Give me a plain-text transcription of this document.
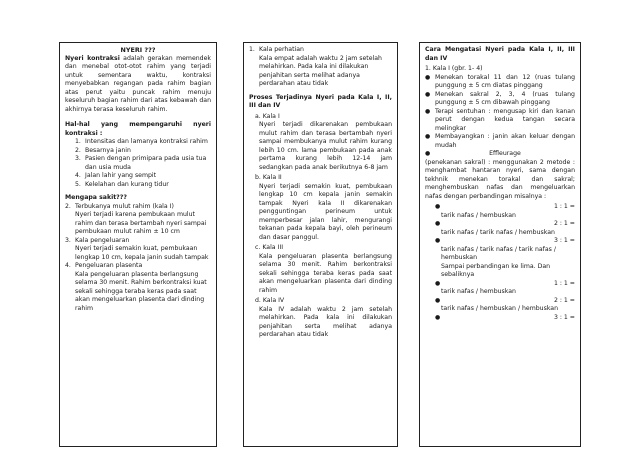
NYERI ???

Nyeri kontraksi adalah gerakan memendek dan menebal otot-otot rahim yang terjadi untuk sementara waktu, kontraksi menyebabkan regangan pada rahim bagian atas perut yaitu puncak rahim menuju keseluruh bagian rahim dari atas kebawah dan akhirnya terasa keseluruh rahim.

Hal-hal yang mempengaruhi nyeri
kontraksi :
1. Intensitas dan lamanya kontraksi rahim
2. Besarnya janin
3. Pasien dengan primipara pada usia tua dan usia muda
4. Jalan lahir yang sempit
5. Kelelahan dan kurang tidur
Mengapa sakit???
2. Terbukanya mulut rahim (kala I)
Nyeri terjadi karena pembukaan mulut rahim dan terasa bertambah nyeri sampai pembukaan mulut rahim ± 10 cm
3. Kala pengeluaran
Nyeri terjadi semakin kuat, pembukaan lengkap 10 cm, kepala janin sudah tampak
4. Pengeluaran plasenta
Kala pengeluaran plasenta berlangsung selama 30 menit. Rahim berkontraksi kuat sekali sehingga teraba keras pada saat akan mengeluarkan plasenta dari dinding rahim
1. Kala perhatian
Kala empat adalah waktu 2 jam setelah melahirkan. Pada kala ini dilakukan penjahitan serta melihat adanya perdarahan atau tidak

Proses Terjadinya Nyeri pada Kala I, II, III dan IV

a. Kala I

Nyeri terjadi dikarenakan pembukaan mulut rahim dan terasa bertambah nyeri sampai membukanya mulut rahim kurang lebih 10 cm. lama pembukaan pada anak pertama kurang lebih 12-14 jam sedangkan pada anak berikutnya 6-8 jam

b. Kala II

Nyeri terjadi semakin kuat, pembukaan lengkap 10 cm kepala janin semakin tampak Nyeri kala II dikarenakan pengguntingan perineum untuk memperbesar jalan lahir, mengurangi tekanan pada kepala bayi, oleh perineum dan dasar panggul.

c. Kala III

Kala pengeluaran plasenta berlangsung selama 30 menit. Rahim berkontraksi sekali sehingga teraba keras pada saat akan mengeluarkan plasenta dari dinding rahim

d. Kala IV

Kala IV adalah waktu 2 jam setelah melahirkan. Pada kala ini dilakukan penjahitan serta melihat adanya perdarahan atau tidak

Cara Mengatasi Nyeri pada Kala I, II, III dan IV

1. Kala I (gbr. 1- 4)
● Menekan torakal 11 dan 12 (ruas tulang punggung ± 5 cm diatas pinggang
● Menekan sakral 2, 3, 4 (ruas tulang punggung ± 5 cm dibawah pinggang
● Terapi sentuhan : mengusap kiri dan kanan perut dengan kedua tangan secara melingkar
● Membayangkan : janin akan keluar dengan mudah
●	Effleurage

(penekanan sakral) : menggunakan 2 metode : menghambat hantaran nyeri, sama dengan tekhnik menekan torakal dan sakral; menghembuskan nafas dan mengeluarkan nafas dengan perbandingan misalnya :

●	1 : 1 =
tarik nafas / hembuskan
●	2 : 1 =
tarik nafas / tarik nafas / hembuskan
●	3 : 1 =
tarik nafas / tarik nafas / tarik nafas / hembuskan
Sampai perbandingan ke lima. Dan sebaliknya
●	1 : 1 =
tarik nafas / hembuskan
●	2 : 1 =
tarik nafas / hembuskan / hembuskan
●	3 : 1 =
